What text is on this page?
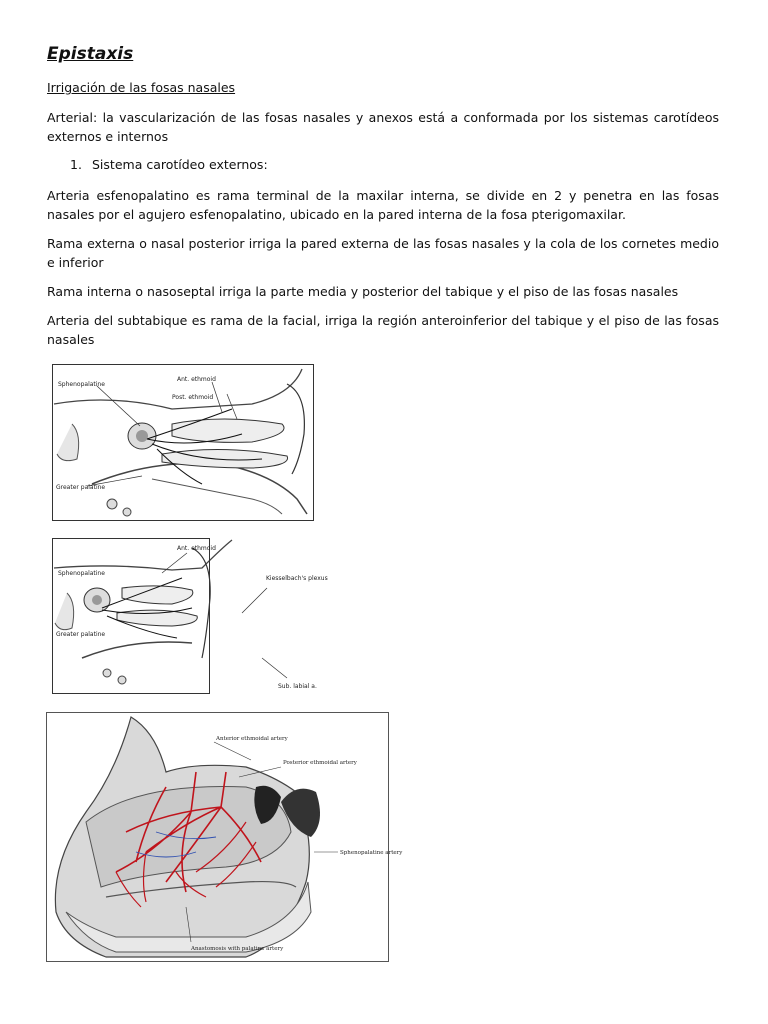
Epistaxis
Irrigación de las fosas nasales
Arterial: la vascularización de las fosas nasales y anexos está a conformada por los sistemas carotídeos externos e internos
1. Sistema carotídeo externos:
Arteria esfenopalatino es rama terminal de la maxilar interna, se divide en 2 y penetra en las fosas nasales por el agujero esfenopalatino, ubicado en la pared interna de la fosa pterigomaxilar.
Rama externa o nasal posterior irriga la pared externa de las fosas nasales y la cola de los cornetes medio e inferior
Rama interna o nasoseptal irriga la parte media y posterior del tabique y el piso de las fosas nasales
Arteria del subtabique es rama de la facial, irriga la región anteroinferior del tabique y el piso de las fosas nasales
Sphenopalatine
Ant. ethmoid
Post. ethmoid
Greater palatine
Sphenopalatine
Ant. ethmoid
Kiesselbach's plexus
Greater palatine
Sub. labial a.
Anterior ethmoidal artery
Posterior ethmoidal artery
Sphenopalatine artery
Anastomosis with palatine artery
